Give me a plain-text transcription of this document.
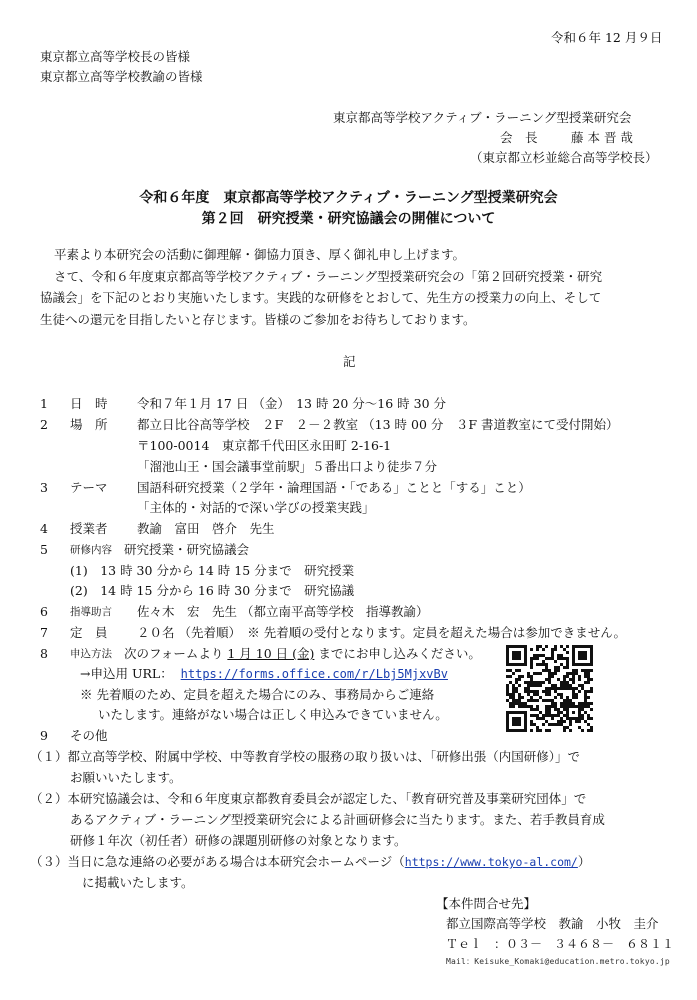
令和６年 12 月９日
東京都立高等学校長の皆様
東京都立高等学校教諭の皆様
東京都高等学校アクティブ・ラーニング型授業研究会
会　長	藤 本 晋 哉
（東京都立杉並総合高等学校長）
令和６年度　東京都高等学校アクティブ・ラーニング型授業研究会
第２回　研究授業・研究協議会の開催について
平素より本研究会の活動に御理解・御協力頂き、厚く御礼申し上げます。
さて、令和６年度東京都高等学校アクティブ・ラーニング型授業研究会の「第２回研究授業・研究
協議会」を下記のとおり実施いたします。実践的な研修をとおして、先生方の授業力の向上、そして
生徒への還元を目指したいと存じます。皆様のご参加をお待ちしております。
記
1 日　時 令和７年１月 17 日 （金）　13 時 20 分～16 時 30 分
2 場　所 都立日比谷高等学校　２F　２－２教室 （13 時 00 分　３F 書道教室にて受付開始）
〒100-0014　東京都千代田区永田町 2-16-1
「溜池山王・国会議事堂前駅」５番出口より徒歩７分
3 テーマ 国語科研究授業（２学年・論理国語・「である」ことと「する」こと）
「主体的・対話的で深い学びの授業実践」
4 授業者 教諭　富田　啓介　先生
5 研修内容 研究授業・研究協議会
(1)　13 時 30 分から 14 時 15 分まで　研究授業
(2)　14 時 15 分から 16 時 30 分まで　研究協議
6 指導助言 佐々木　宏　先生 （都立南平高等学校　指導教諭）
7 定　員 ２０名 （先着順）　※ 先着順の受付となります。定員を超えた場合は参加できません。
8 申込方法 次のフォームより 1 月 10 日 (金) までにお申し込みください。
→申込用 URL： https://forms.office.com/r/Lbj5MjxvBv
※ 先着順のため、定員を超えた場合にのみ、事務局からご連絡
いたします。連絡がない場合は正しく申込みできていません。
9 その他
（１）都立高等学校、附属中学校、中等教育学校の服務の取り扱いは、「研修出張（内国研修）」で
お願いいたします。
（２）本研究協議会は、令和６年度東京都教育委員会が認定した、「教育研究普及事業研究団体」で
あるアクティブ・ラーニング型授業研究会による計画研修会に当たります。また、若手教員育成
研修１年次（初任者）研修の課題別研修の対象となります。
（３）当日に急な連絡の必要がある場合は本研究会ホームページ（https://www.tokyo-al.com/）
に掲載いたします。
【本件問合せ先】
都立国際高等学校　教諭　小牧　圭介
Ｔｅｌ　：０３－　３４６８－　６８１１
Mail：Keisuke_Komaki@education.metro.tokyo.jp
